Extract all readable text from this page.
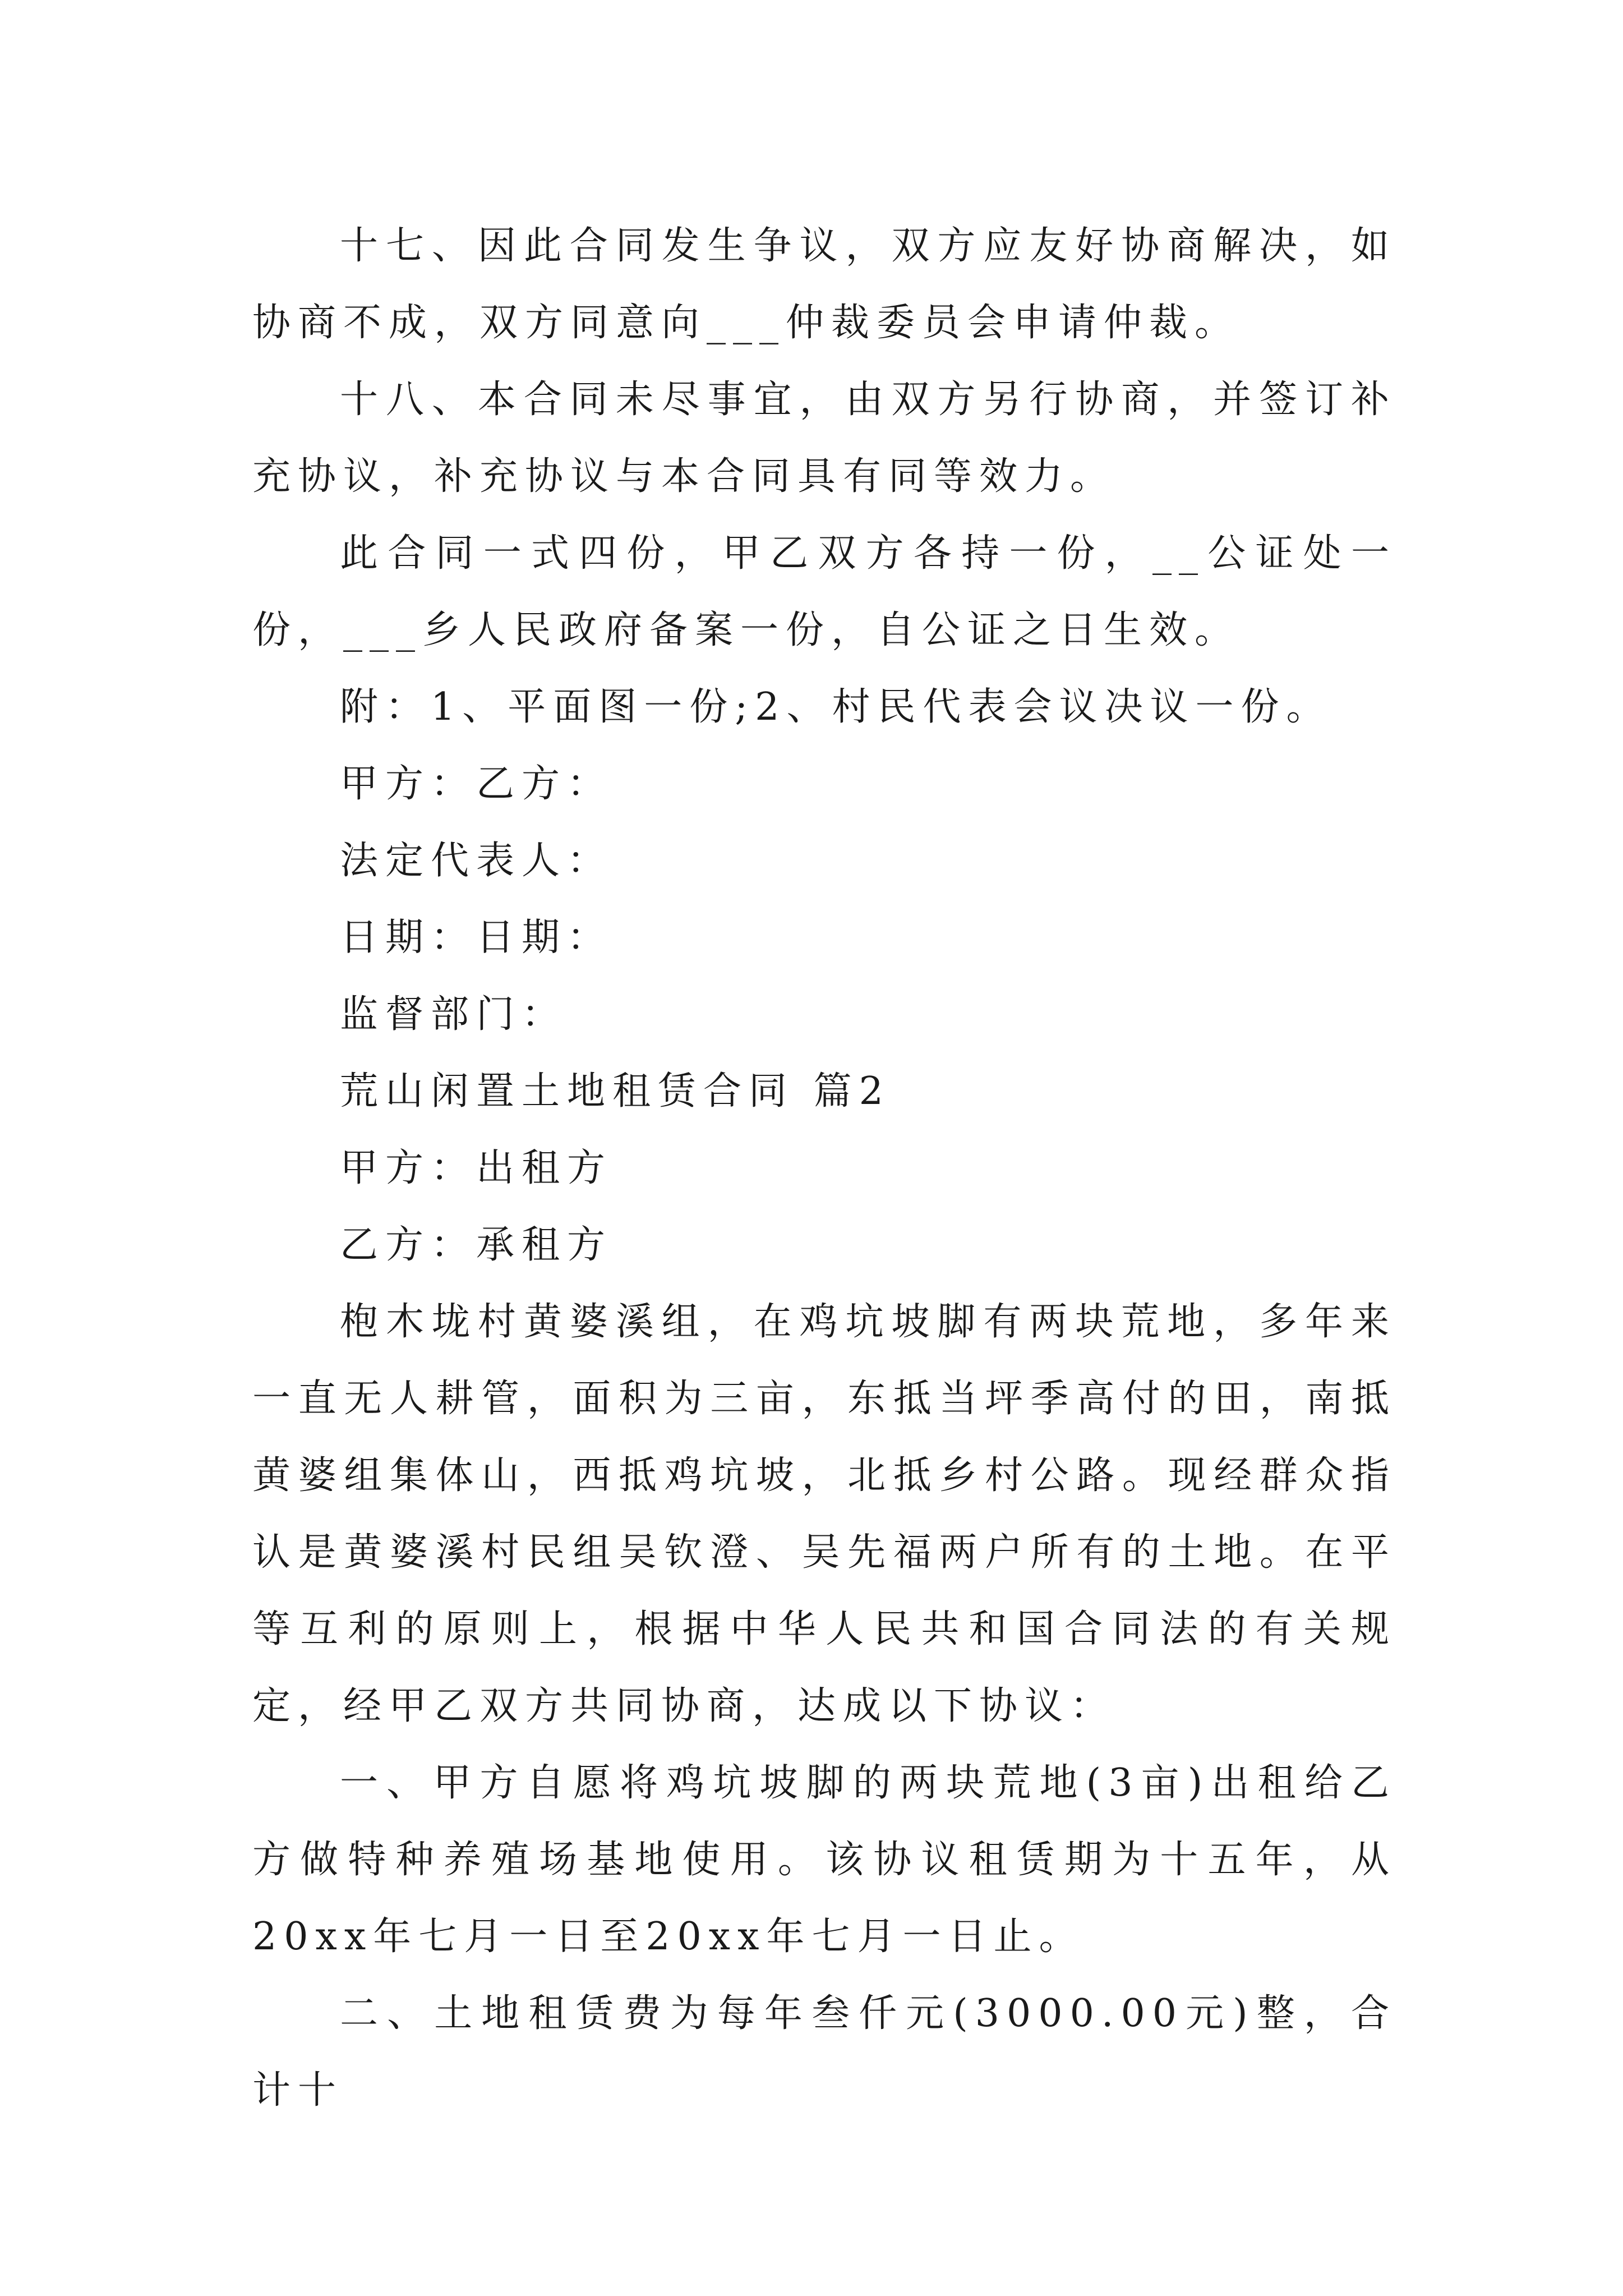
十七、因此合同发生争议，双方应友好协商解决，如协商不成，双方同意向___仲裁委员会申请仲裁。

十八、本合同未尽事宜，由双方另行协商，并签订补充协议，补充协议与本合同具有同等效力。

此合同一式四份，甲乙双方各持一份，__公证处一份，___乡人民政府备案一份，自公证之日生效。

附：1、平面图一份;2、村民代表会议决议一份。

甲方：乙方：

法定代表人：

日期：日期：

监督部门：

荒山闲置土地租赁合同 篇2

甲方：出租方

乙方：承租方

枹木垅村黄婆溪组，在鸡坑坡脚有两块荒地，多年来一直无人耕管，面积为三亩，东抵当坪季高付的田，南抵黄婆组集体山，西抵鸡坑坡，北抵乡村公路。现经群众指认是黄婆溪村民组吴钦澄、吴先福两户所有的土地。在平等互利的原则上，根据中华人民共和国合同法的有关规定，经甲乙双方共同协商，达成以下协议：

一、甲方自愿将鸡坑坡脚的两块荒地(3亩)出租给乙方做特种养殖场基地使用。该协议租赁期为十五年，从20xx年七月一日至20xx年七月一日止。

二、土地租赁费为每年叁仟元(3000.00元)整，合计十
